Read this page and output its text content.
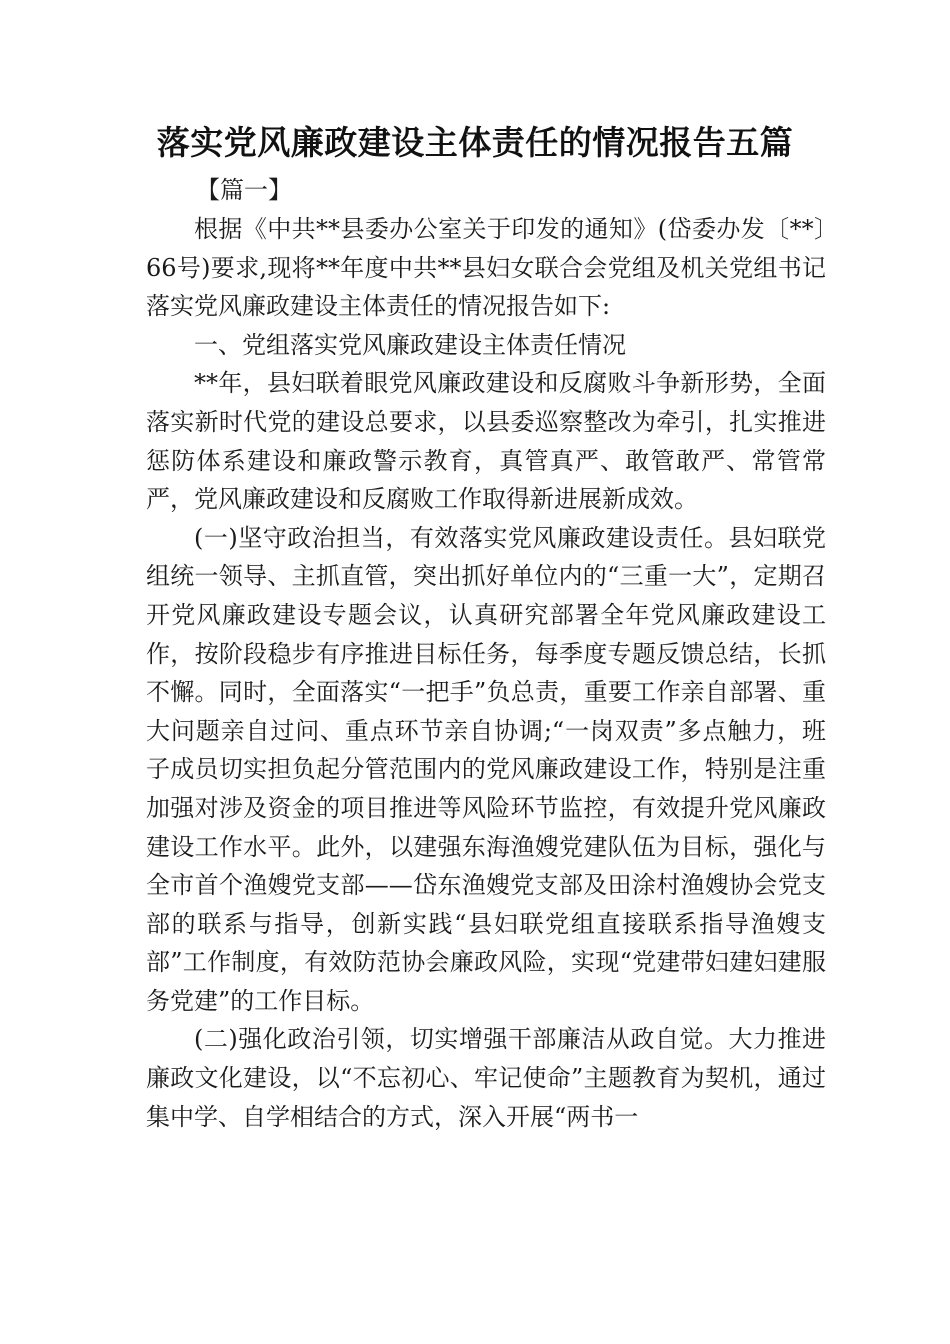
落实党风廉政建设主体责任的情况报告五篇
【篇一】

根据《中共**县委办公室关于印发的通知》(岱委办发〔**〕66号)要求,现将**年度中共**县妇女联合会党组及机关党组书记落实党风廉政建设主体责任的情况报告如下:

一、党组落实党风廉政建设主体责任情况

**年，县妇联着眼党风廉政建设和反腐败斗争新形势，全面落实新时代党的建设总要求，以县委巡察整改为牵引，扎实推进惩防体系建设和廉政警示教育，真管真严、敢管敢严、常管常严，党风廉政建设和反腐败工作取得新进展新成效。

(一)坚守政治担当，有效落实党风廉政建设责任。县妇联党组统一领导、主抓直管，突出抓好单位内的“三重一大”，定期召开党风廉政建设专题会议，认真研究部署全年党风廉政建设工作，按阶段稳步有序推进目标任务，每季度专题反馈总结，长抓不懈。同时，全面落实“一把手”负总责，重要工作亲自部署、重大问题亲自过问、重点环节亲自协调;“一岗双责”多点触力，班子成员切实担负起分管范围内的党风廉政建设工作，特别是注重加强对涉及资金的项目推进等风险环节监控，有效提升党风廉政建设工作水平。此外，以建强东海渔嫂党建队伍为目标，强化与全市首个渔嫂党支部——岱东渔嫂党支部及田涂村渔嫂协会党支部的联系与指导，创新实践“县妇联党组直接联系指导渔嫂支部”工作制度，有效防范协会廉政风险，实现“党建带妇建妇建服务党建”的工作目标。

(二)强化政治引领，切实增强干部廉洁从政自觉。大力推进廉政文化建设，以“不忘初心、牢记使命”主题教育为契机，通过集中学、自学相结合的方式，深入开展“两书一
